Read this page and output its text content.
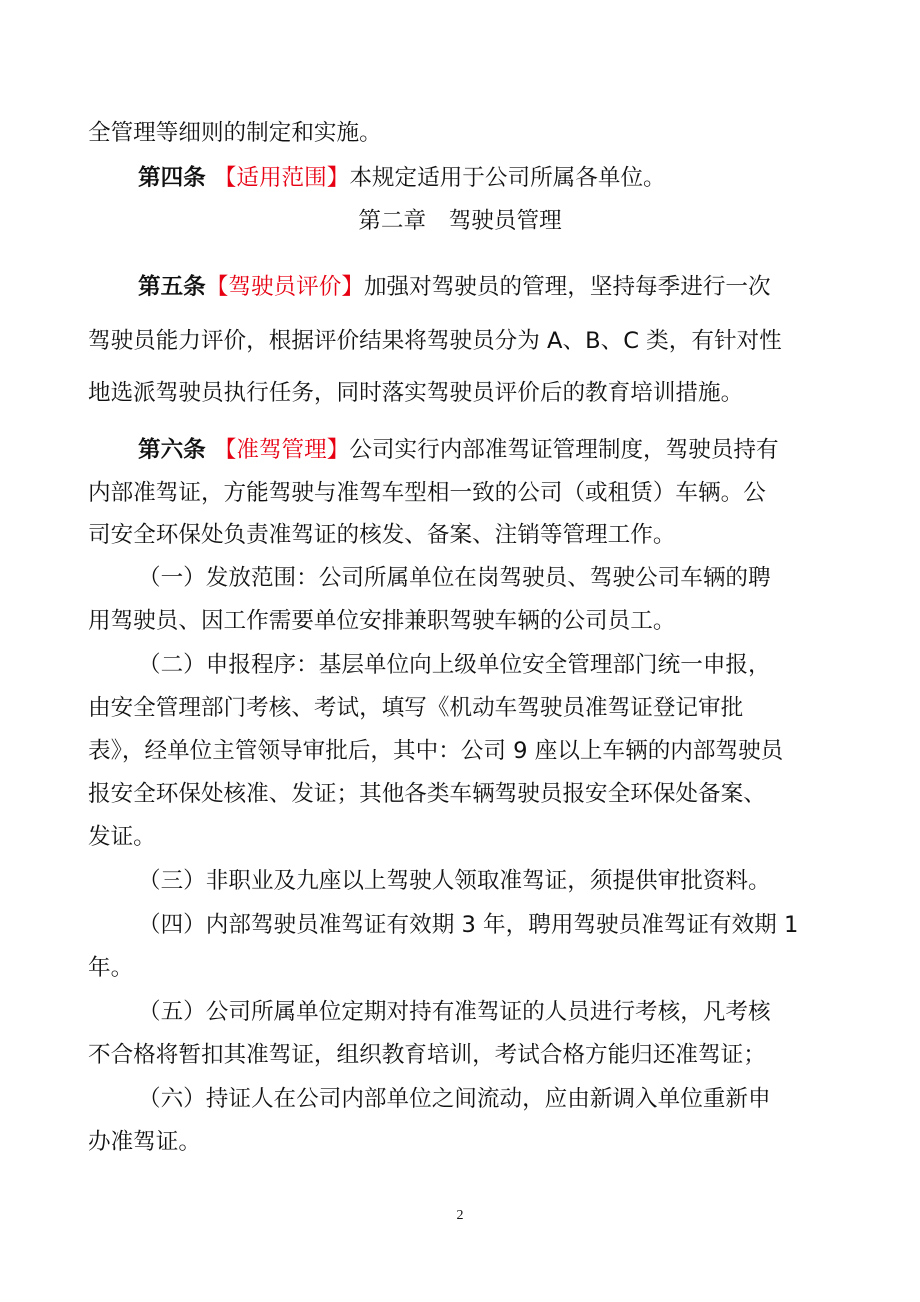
全管理等细则的制定和实施。
第四条 【适用范围】本规定适用于公司所属各单位。
第二章　驾驶员管理
第五条【驾驶员评价】加强对驾驶员的管理，坚持每季进行一次
驾驶员能力评价，根据评价结果将驾驶员分为 A、B、C 类，有针对性
地选派驾驶员执行任务，同时落实驾驶员评价后的教育培训措施。
第六条 【准驾管理】公司实行内部准驾证管理制度，驾驶员持有
内部准驾证，方能驾驶与准驾车型相一致的公司（或租赁）车辆。公
司安全环保处负责准驾证的核发、备案、注销等管理工作。
（一）发放范围：公司所属单位在岗驾驶员、驾驶公司车辆的聘
用驾驶员、因工作需要单位安排兼职驾驶车辆的公司员工。
（二）申报程序：基层单位向上级单位安全管理部门统一申报，
由安全管理部门考核、考试，填写《机动车驾驶员准驾证登记审批
表》，经单位主管领导审批后，其中：公司 9 座以上车辆的内部驾驶员
报安全环保处核准、发证；其他各类车辆驾驶员报安全环保处备案、
发证。
（三）非职业及九座以上驾驶人领取准驾证，须提供审批资料。
（四）内部驾驶员准驾证有效期 3 年，聘用驾驶员准驾证有效期 1
年。
（五）公司所属单位定期对持有准驾证的人员进行考核，凡考核
不合格将暂扣其准驾证，组织教育培训，考试合格方能归还准驾证；
（六）持证人在公司内部单位之间流动，应由新调入单位重新申
办准驾证。
2
